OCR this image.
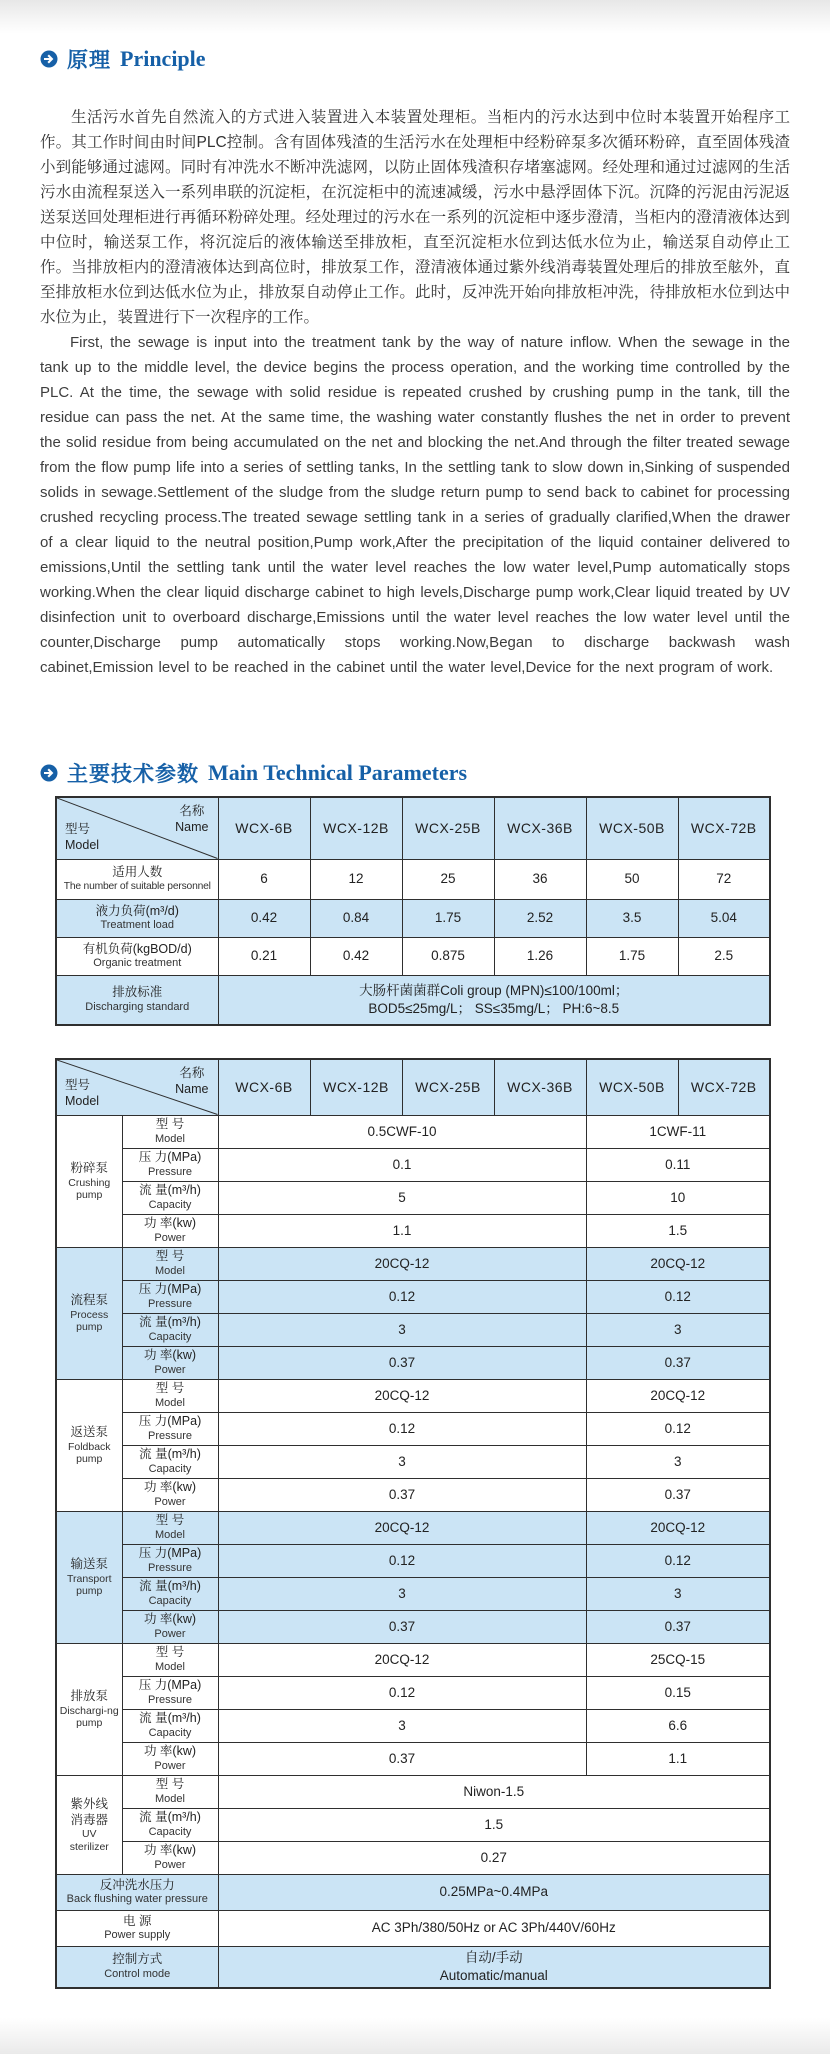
原理 Principle

生活污水首先自然流入的方式进入装置进入本装置处理柜。当柜内的污水达到中位时本装置开始程序工作。其工作时间由时间PLC控制。含有固体残渣的生活污水在处理柜中经粉碎泵多次循环粉碎，直至固体残渣小到能够通过滤网。同时有冲洗水不断冲洗滤网，以防止固体残渣积存堵塞滤网。经处理和通过过滤网的生活污水由流程泵送入一系列串联的沉淀柜，在沉淀柜中的流速减缓，污水中悬浮固体下沉。沉降的污泥由污泥返送泵送回处理柜进行再循环粉碎处理。经处理过的污水在一系列的沉淀柜中逐步澄清，当柜内的澄清液体达到中位时，输送泵工作，将沉淀后的液体输送至排放柜，直至沉淀柜水位到达低水位为止，输送泵自动停止工作。当排放柜内的澄清液体达到高位时，排放泵工作，澄清液体通过紫外线消毒装置处理后的排放至舷外，直至排放柜水位到达低水位为止，排放泵自动停止工作。此时，反冲洗开始向排放柜冲洗，待排放柜水位到达中水位为止，装置进行下一次程序的工作。

First, the sewage is input into the treatment tank by the way of nature inflow. When the sewage in the tank up to the middle level, the device begins the process operation, and the working time controlled by the PLC. At the time, the sewage with solid residue is repeated crushed by crushing pump in the tank, till the residue can pass the net. At the same time, the washing water constantly flushes the net in order to prevent the solid residue from being accumulated on the net and blocking the net.And through the filter treated sewage from the flow pump life into a series of settling tanks, In the settling tank to slow down in,Sinking of suspended solids in sewage.Settlement of the sludge from the sludge return pump to send back to cabinet for processing crushed recycling process.The treated sewage settling tank in a series of gradually clarified,When the drawer of a clear liquid to the neutral position,Pump work,After the precipitation of the liquid container delivered to emissions,Until the settling tank until the water level reaches the low water level,Pump automatically stops working.When the clear liquid discharge cabinet to high levels,Discharge pump work,Clear liquid treated by UV disinfection unit to overboard discharge,Emissions until the water level reaches the low water level until the counter,Discharge pump automatically stops working.Now,Began to discharge backwash wash cabinet,Emission level to be reached in the cabinet until the water level,Device for the next program of work.

主要技术参数 Main Technical Parameters
名称
Name
型号
Model	WCX-6B	WCX-12B	WCX-25B	WCX-36B	WCX-50B	WCX-72B

适用人数
The number of suitable personnel	6	12	25	36	50	72

液力负荷(m³/d)
Treatment load	0.42	0.84	1.75	2.52	3.5	5.04

有机负荷(kgBOD/d)
Organic treatment	0.21	0.42	0.875	1.26	1.75	2.5

排放标准
Discharging standard
	大肠杆菌菌群Coli group (MPN)≤100/100ml；
BOD5≤25mg/L； SS≤35mg/L； PH:6~8.5
名称
Name
型号
Model		WCX-6B	WCX-12B	WCX-25B	WCX-36B	WCX-50B	WCX-72B
粉碎泵
Crushing
pump

型 号
Model	0.5CWF-10	1CWF-11

	压 力(MPa)
Pressure	0.1				0.11	

	流 量(m³/h)
Capacity	5				10	

	功 率(kw)
Power	1.1				1.5	
流程泵
Process
pump

型 号
Model	20CQ-12	20CQ-12

	压 力(MPa)
Pressure	0.12				0.12	

	流 量(m³/h)
Capacity	3				3	

	功 率(kw)
Power	0.37				0.37	
返送泵
Foldback
pump

型 号
Model	20CQ-12	20CQ-12

	压 力(MPa)
Pressure	0.12				0.12	

	流 量(m³/h)
Capacity	3				3	

	功 率(kw)
Power	0.37				0.37	
输送泵
Transport
pump

型 号
Model	20CQ-12	20CQ-12

	压 力(MPa)
Pressure	0.12				0.12	

	流 量(m³/h)
Capacity	3				3	

	功 率(kw)
Power	0.37				0.37	
排放泵
Dischargi-ng
pump

型 号
Model	20CQ-12	25CQ-15

	压 力(MPa)
Pressure	0.12				0.15	

	流 量(m³/h)
Capacity	3				6.6	

	功 率(kw)
Power	0.37				1.1	
紫外线
消毒器
UV
sterilizer

型 号
Model	Niwon-1.5

	流 量(m³/h)
Capacity	1.5					

	功 率(kw)
Power	0.27					

反冲洗水压力
Back flushing water pressure		0.25MPa~0.4MPa					

电 源
Power supply		AC 3Ph/380/50Hz or AC 3Ph/440V/60Hz					

控制方式
Control mode
	自动/手动
Automatic/manual
